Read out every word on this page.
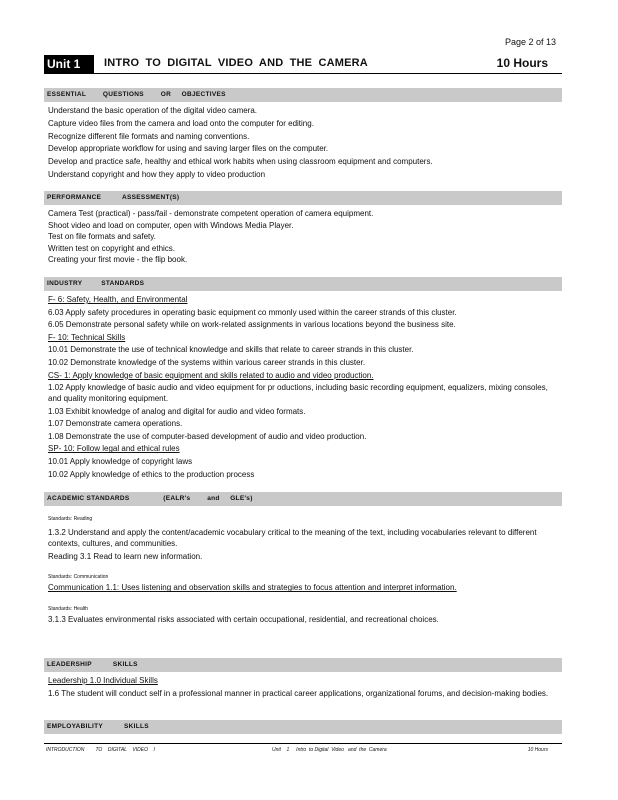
Page 2 of 13
Unit 1	INTRO TO DIGITAL VIDEO AND THE CAMERA	10 Hours
ESSENTIAL        QUESTIONS        OR     OBJECTIVES
Understand the basic operation of the digital video camera.
Capture video files from the camera and load onto the computer for editing.
Recognize different file formats and naming conventions.
Develop appropriate workflow for using and saving larger files on the computer.
Develop and practice safe, healthy and ethical work habits when using classroom equipment and computers.
Understand copyright and how they apply to video production
PERFORMANCE          ASSESSMENT(S)
Camera Test (practical) - pass/fail - demonstrate competent operation of camera equipment.
Shoot video and load on computer, open with Windows Media Player.
Test on file formats and safety.
Written test on copyright and ethics.
Creating your first movie - the flip book.
INDUSTRY         STANDARDS
F- 6: Safety, Health, and Environmental
6.03 Apply safety procedures in operating basic equipment co mmonly used within the career strands of this cluster.
6.05 Demonstrate personal safety while on work-related assignments in various locations beyond the business site.
F- 10: Technical Skills
10.01 Demonstrate the use of technical knowledge and skills that relate to career strands in this cluster.
10.02 Demonstrate knowledge of the systems within various career strands in this cluster.
CS- 1: Apply knowledge of basic equipment and skills related to audio and video production.
1.02 Apply knowledge of basic audio and video equipment for pr oductions, including basic recording equipment, equalizers, mixing consoles, and quality monitoring equipment.
1.03 Exhibit knowledge of analog and digital for audio and video formats.
1.07 Demonstrate camera operations.
1.08 Demonstrate the use of computer-based development of audio and video production.
SP- 10: Follow legal and ethical rules
10.01 Apply knowledge of copyright laws
10.02 Apply knowledge of ethics to the production process
ACADEMIC STANDARDS                (EALR's        and     GLE's)
Standards: Reading
1.3.2 Understand and apply the content/academic vocabulary critical to the meaning of the text, including vocabularies relevant to different contexts, cultures, and communities.
Reading 3.1 Read to learn new information.
Standards: Communication
Communication 1.1: Uses listening and observation skills and strategies to focus attention and interpret information.
Standards: Health
3.1.3 Evaluates environmental risks associated with certain occupational, residential, and recreational choices.
LEADERSHIP          SKILLS
Leadership 1.0 Individual Skills
1.6 The student will conduct self in a professional manner in practical career applications, organizational forums, and decision-making bodies.
EMPLOYABILITY          SKILLS
INTRODUCTION        TO    DIGITAL    VIDEO    I	Unit    1     Intro  to Digital  Video   and  the  Camera	10 Hours
